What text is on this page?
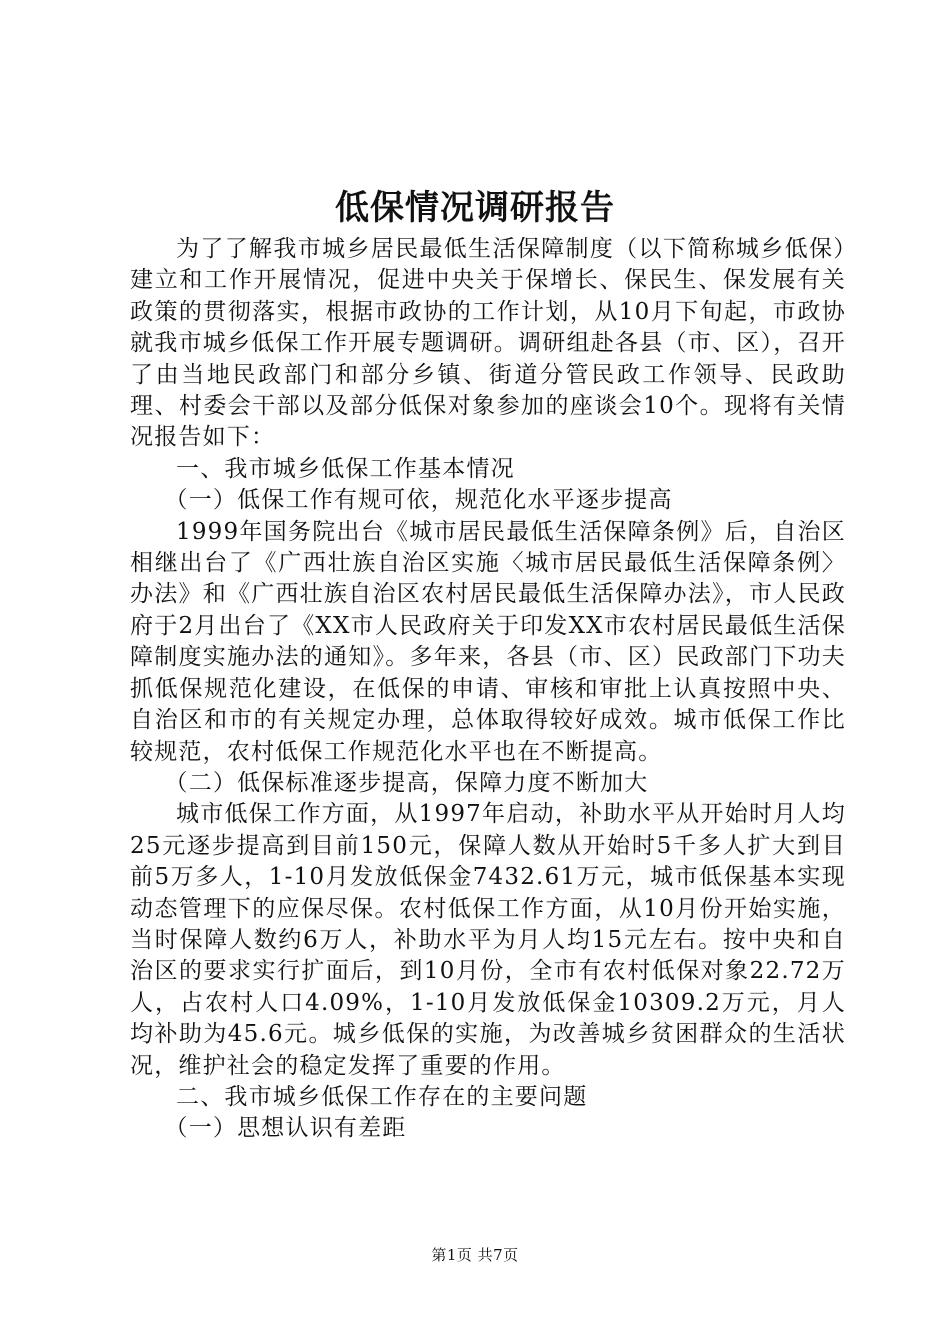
低保情况调研报告

为了了解我市城乡居民最低生活保障制度（以下简称城乡低保）建立和工作开展情况，促进中央关于保增长、保民生、保发展有关政策的贯彻落实，根据市政协的工作计划，从10月下旬起，市政协就我市城乡低保工作开展专题调研。调研组赴各县（市、区），召开了由当地民政部门和部分乡镇、街道分管民政工作领导、民政助理、村委会干部以及部分低保对象参加的座谈会10个。现将有关情况报告如下：

一、我市城乡低保工作基本情况

（一）低保工作有规可依，规范化水平逐步提高

1999年国务院出台《城市居民最低生活保障条例》后，自治区相继出台了《广西壮族自治区实施〈城市居民最低生活保障条例〉办法》和《广西壮族自治区农村居民最低生活保障办法》，市人民政府于2月出台了《XX市人民政府关于印发XX市农村居民最低生活保障制度实施办法的通知》。多年来，各县（市、区）民政部门下功夫抓低保规范化建设，在低保的申请、审核和审批上认真按照中央、自治区和市的有关规定办理，总体取得较好成效。城市低保工作比较规范，农村低保工作规范化水平也在不断提高。

（二）低保标准逐步提高，保障力度不断加大

城市低保工作方面，从1997年启动，补助水平从开始时月人均25元逐步提高到目前150元，保障人数从开始时5千多人扩大到目前5万多人，1-10月发放低保金7432.61万元，城市低保基本实现动态管理下的应保尽保。农村低保工作方面，从10月份开始实施，当时保障人数约6万人，补助水平为月人均15元左右。按中央和自治区的要求实行扩面后，到10月份，全市有农村低保对象22.72万人，占农村人口4.09%，1-10月发放低保金10309.2万元，月人均补助为45.6元。城乡低保的实施，为改善城乡贫困群众的生活状况，维护社会的稳定发挥了重要的作用。

二、我市城乡低保工作存在的主要问题

（一）思想认识有差距

第1页 共7页
